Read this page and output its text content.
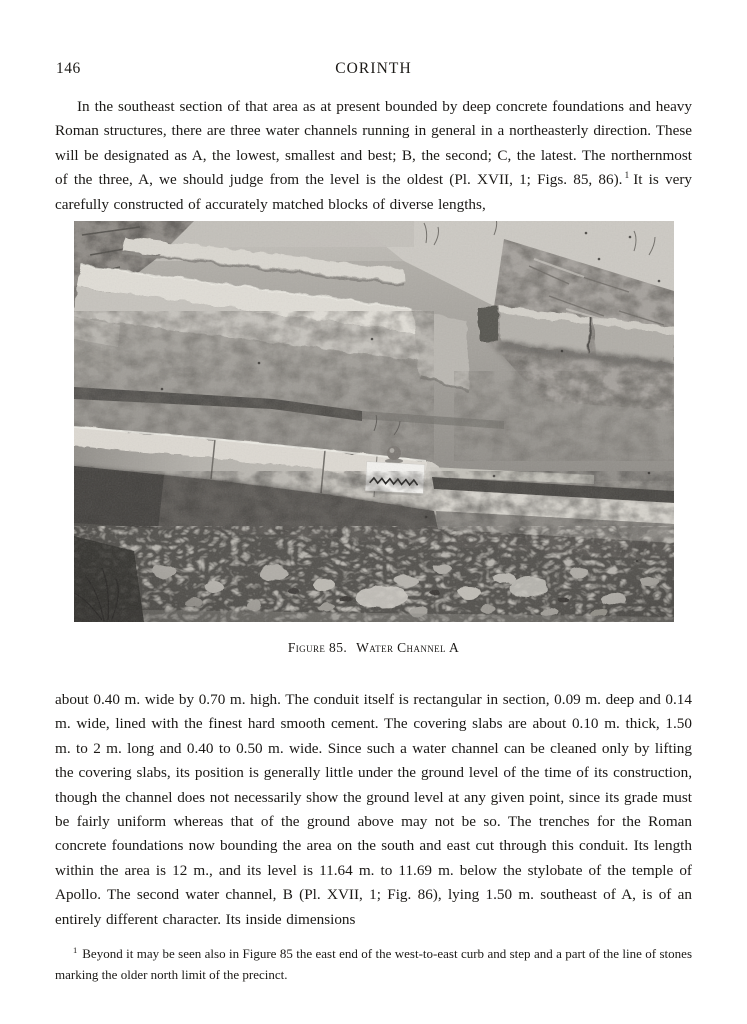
146	CORINTH

In the southeast section of that area as at present bounded by deep concrete foundations and heavy Roman structures, there are three water channels running in general in a northeasterly direction. These will be designated as A, the lowest, smallest and best; B, the second; C, the latest. The northernmost of the three, A, we should judge from the level is the oldest (Pl. XVII, 1; Figs. 85, 86). $^1$ It is very carefully constructed of accurately matched blocks of diverse lengths,

Figure 85. Water Channel A

about 0.40 m. wide by 0.70 m. high. The conduit itself is rectangular in section, 0.09 m. deep and 0.14 m. wide, lined with the finest hard smooth cement. The covering slabs are about 0.10 m. thick, 1.50 m. to 2 m. long and 0.40 to 0.50 m. wide. Since such a water channel can be cleaned only by lifting the covering slabs, its position is generally little under the ground level of the time of its construction, though the channel does not necessarily show the ground level at any given point, since its grade must be fairly uniform whereas that of the ground above may not be so. The trenches for the Roman concrete foundations now bounding the area on the south and east cut through this conduit. Its length within the area is 12 m., and its level is 11.64 m. to 11.69 m. below the stylobate of the temple of Apollo. The second water channel, B (Pl. XVII, 1; Fig. 86), lying 1.50 m. southeast of A, is of an entirely different character. Its inside dimensions

$^1$ Beyond it may be seen also in Figure 85 the east end of the west-to-east curb and step and a part of the line of stones marking the older north limit of the precinct.
